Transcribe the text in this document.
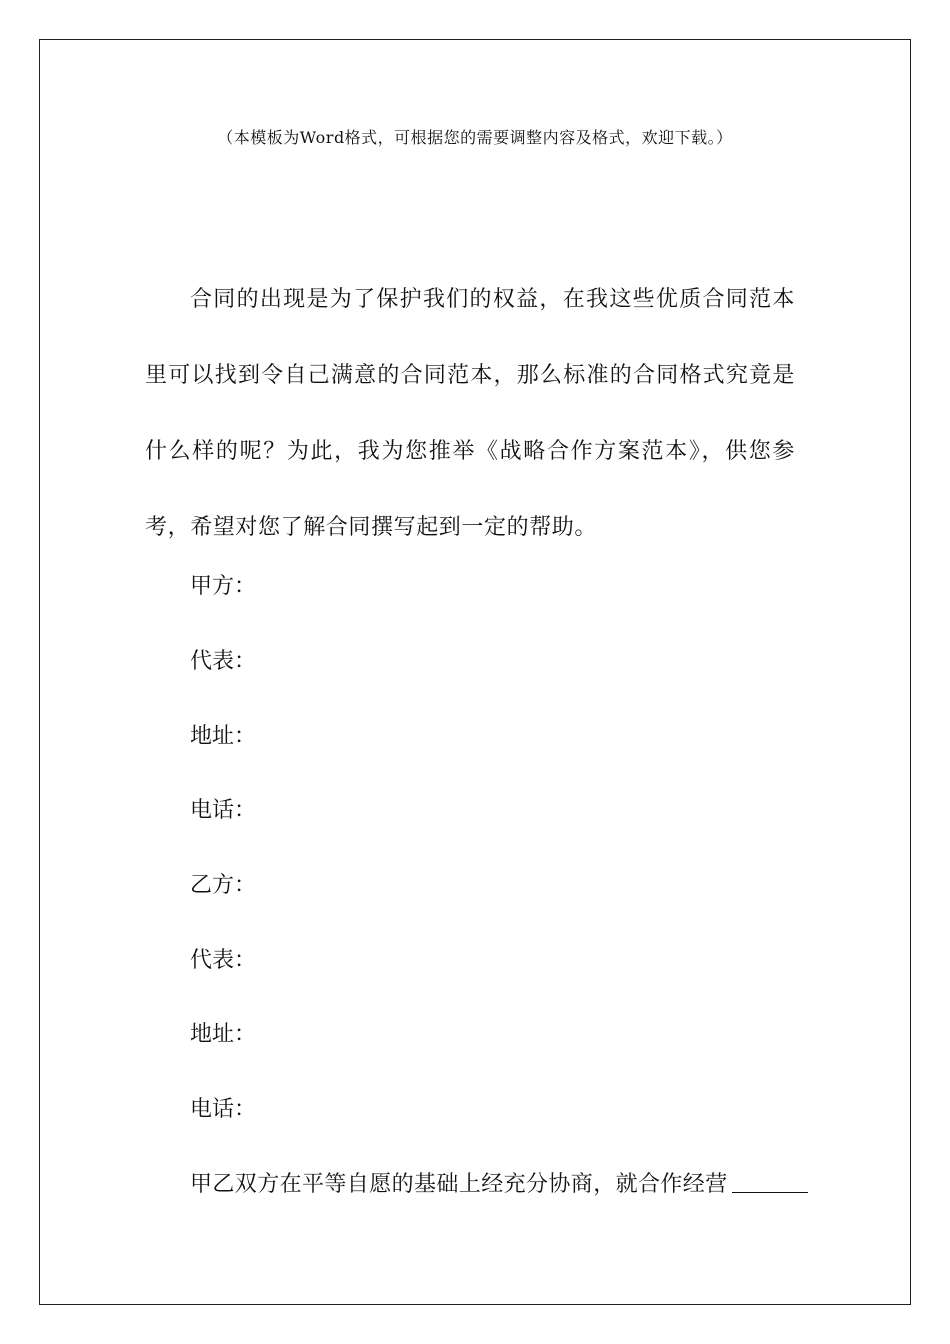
（本模板为Word格式，可根据您的需要调整内容及格式，欢迎下载。）

合同的出现是为了保护我们的权益，在我这些优质合同范本里可以找到令自己满意的合同范本，那么标准的合同格式究竟是什么样的呢？为此，我为您推举《战略合作方案范本》，供您参考，希望对您了解合同撰写起到一定的帮助。

甲方：

代表：

地址：

电话：

乙方：

代表：

地址：

电话：

甲乙双方在平等自愿的基础上经充分协商，就合作经营
